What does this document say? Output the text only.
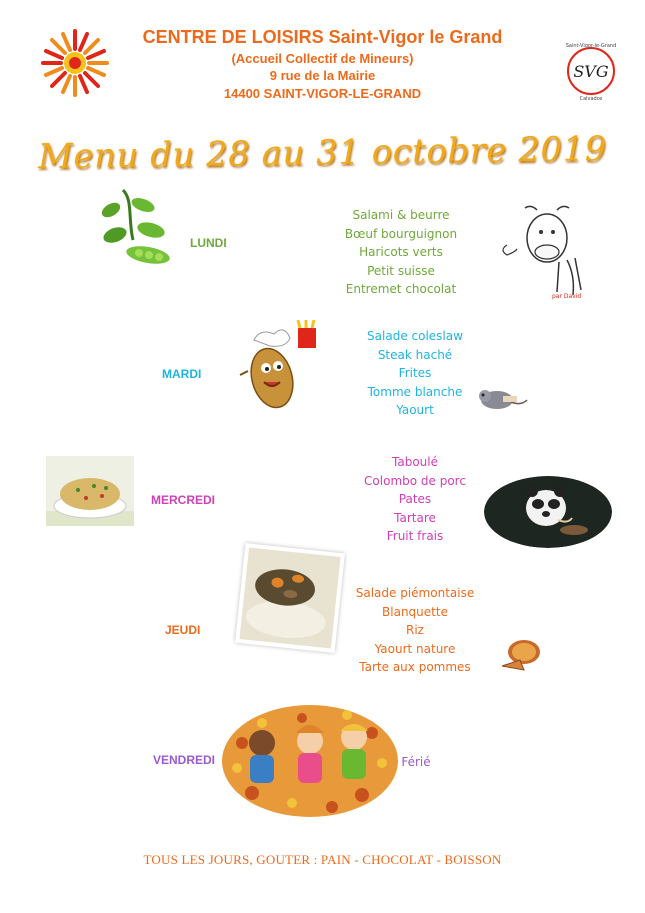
CENTRE DE LOISIRS Saint-Vigor le Grand
(Accueil Collectif de Mineurs)
9 rue de la Mairie
14400 SAINT-VIGOR-LE-GRAND
SVG
Saint-Vigor-le-Grand
Calvados
Menu du 28 au 31 octobre 2019
LUNDI
Salami & beurre
Bœuf bourguignon
Haricots verts
Petit suisse
Entremet chocolat
par David
MARDI
Salade coleslaw
Steak haché
Frites
Tomme blanche
Yaourt
MERCREDI
Taboulé
Colombo de porc
Pates
Tartare
Fruit frais
JEUDI
Salade piémontaise
Blanquette
Riz
Yaourt nature
Tarte aux pommes
VENDREDI	Férié
TOUS LES JOURS, GOUTER : PAIN - CHOCOLAT - BOISSON
